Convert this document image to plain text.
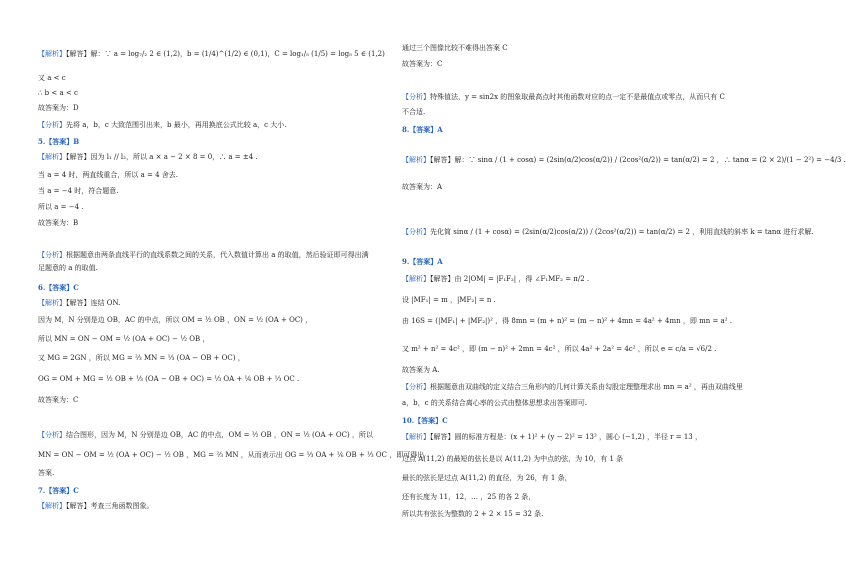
【解析】【解答】解：∵ a = log₇/₂ 2 ∈ (1,2)，b = (1/4)^(1/2) ∈ (0,1)，C = log₁/₅ (1/5) = log₅ 5 ∈ (1,2)
又 a < c
∴ b < a < c
故答案为：D
【分析】先将 a，b，c 大致范围引出来，b 最小，再用换底公式比较 a，c 大小.
5.【答案】B
【解析】【解答】因为 l₁ // l₂，所以 a × a − 2 × 8 = 0，∴ a = ±4 .
当 a = 4 时，两直线重合，所以 a = 4 舍去.
当 a = −4 时，符合题意.
所以 a = −4 .
故答案为：B
【分析】根据题意由两条直线平行的直线系数之间的关系，代入数值计算出 a 的取值，然后验证即可得出满
足题意的 a 的取值.
6.【答案】C
【解析】【解答】连结 ON.
因为 M，N 分别是边 OB，AC 的中点，所以 OM = ½ OB ，ON = ½ (OA + OC) ，
所以 MN = ON − OM = ½ (OA + OC) − ½ OB ，
又 MG = 2GN ，所以 MG = ⅔ MN = ⅓ (OA − OB + OC) ，
OG = OM + MG = ½ OB + ⅓ (OA − OB + OC) = ⅓ OA + ⅙ OB + ⅓ OC .
故答案为：C
【分析】结合图形，因为 M，N 分别是边 OB，AC 的中点，OM = ½ OB ，ON = ½ (OA + OC) ，所以
MN = ON − OM = ½ (OA + OC) − ½ OB ，MG = ⅔ MN ，从而表示出 OG = ⅓ OA + ⅙ OB + ⅓ OC ，即可得出
答案.
7.【答案】C
【解析】【解答】考查三角函数图象。
通过三个图像比较不难得出答案 C
故答案为：C
【分析】特殊值法，y = sin2x 的图象取最高点时其他函数对应的点一定不是最值点或零点，从而只有 C
不合适.
8.【答案】A
【解析】【解答】解：∵ sinα / (1 + cosα) = (2sin(α/2)cos(α/2)) / (2cos²(α/2)) = tan(α/2) = 2 ，∴ tanα = (2 × 2)/(1 − 2²) = −4/3 .
故答案为：A
【分析】先化简 sinα / (1 + cosα) = (2sin(α/2)cos(α/2)) / (2cos²(α/2)) = tan(α/2) = 2 ，利用直线的斜率 k = tanα 进行求解.
9.【答案】A
【解析】【解答】由 2|OM| = |F₁F₂| ，得 ∠F₁MF₂ = π/2 .
设 |MF₁| = m ，|MF₂| = n .
由 16S = (|MF₁| + |MF₂|)² ，得 8mn = (m + n)² = (m − n)² + 4mn = 4a² + 4mn ，即 mn = a² .
又 m² + n² = 4c² ，即 (m − n)² + 2mn = 4c² ，所以 4a² + 2a² = 4c² ，所以 e = c/a = √6/2 .
故答案为 A.
【分析】根据题意由双曲线的定义结合三角形内的几何计算关系由勾股定理整理求出 mn = a² ，再由双曲线里
a，b，c 的关系结合离心率的公式由整体思想求出答案即可.
10.【答案】C
【解析】【解答】圆的标准方程是：(x + 1)² + (y − 2)² = 13² ，圆心 (−1,2) ，半径 r = 13 ，
过点 A(11,2) 的最短的弦长是以 A(11,2) 为中点的弦，为 10，有 1 条
最长的弦长是过点 A(11,2) 的直径，为 26，有 1 条，
还有长度为 11，12，… ，25 的各 2 条，
所以共有弦长为整数的 2 + 2 × 15 = 32 条.
